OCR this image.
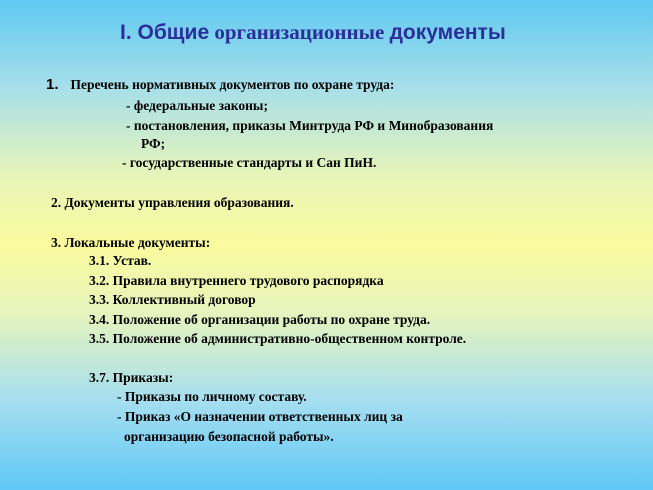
I. Общие организационные документы
1. Перечень нормативных документов по охране труда:
- федеральные законы;
- постановления, приказы Минтруда РФ и Минобразования
РФ;
- государственные стандарты и Сан ПиН.
2. Документы управления образования.
3. Локальные документы:
3.1. Устав.
3.2. Правила внутреннего трудового распорядка
3.3. Коллективный договор
3.4. Положение об организации работы по охране труда.
3.5. Положение об административно-общественном контроле.
3.7. Приказы:
- Приказы по личному составу.
- Приказ «О назначении ответственных лиц за
организацию безопасной работы».
